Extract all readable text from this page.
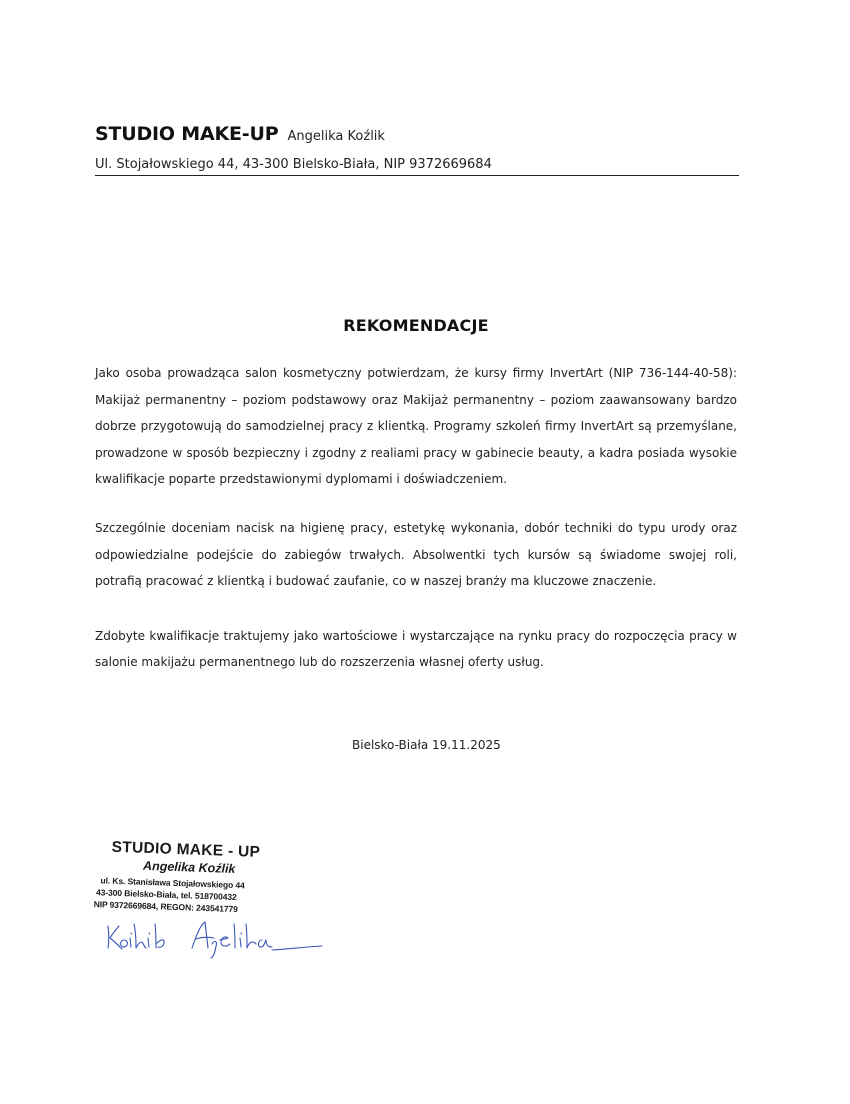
STUDIO MAKE-UP Angelika Koźlik
Ul. Stojałowskiego 44, 43-300 Bielsko-Biała, NIP 9372669684
REKOMENDACJE

Jako osoba prowadząca salon kosmetyczny potwierdzam, że kursy firmy InvertArt (NIP 736-144-40-58): Makijaż permanentny – poziom podstawowy oraz Makijaż permanentny – poziom zaawansowany bardzo dobrze przygotowują do samodzielnej pracy z klientką. Programy szkoleń firmy InvertArt są przemyślane, prowadzone w sposób bezpieczny i zgodny z realiami pracy w gabinecie beauty, a kadra posiada wysokie kwalifikacje poparte przedstawionymi dyplomami i doświadczeniem.

Szczególnie doceniam nacisk na higienę pracy, estetykę wykonania, dobór techniki do typu urody oraz odpowiedzialne podejście do zabiegów trwałych. Absolwentki tych kursów są świadome swojej roli, potrafią pracować z klientką i budować zaufanie, co w naszej branży ma kluczowe znaczenie.

Zdobyte kwalifikacje traktujemy jako wartościowe i wystarczające na rynku pracy do rozpoczęcia pracy w salonie makijażu permanentnego lub do rozszerzenia własnej oferty usług.

Bielsko-Biała 19.11.2025
STUDIO MAKE - UP
Angelika Koźlik
ul. Ks. Stanisława Stojałowskiego 44
43-300 Bielsko-Biała, tel. 518700432
NIP 9372669684, REGON: 243541779
